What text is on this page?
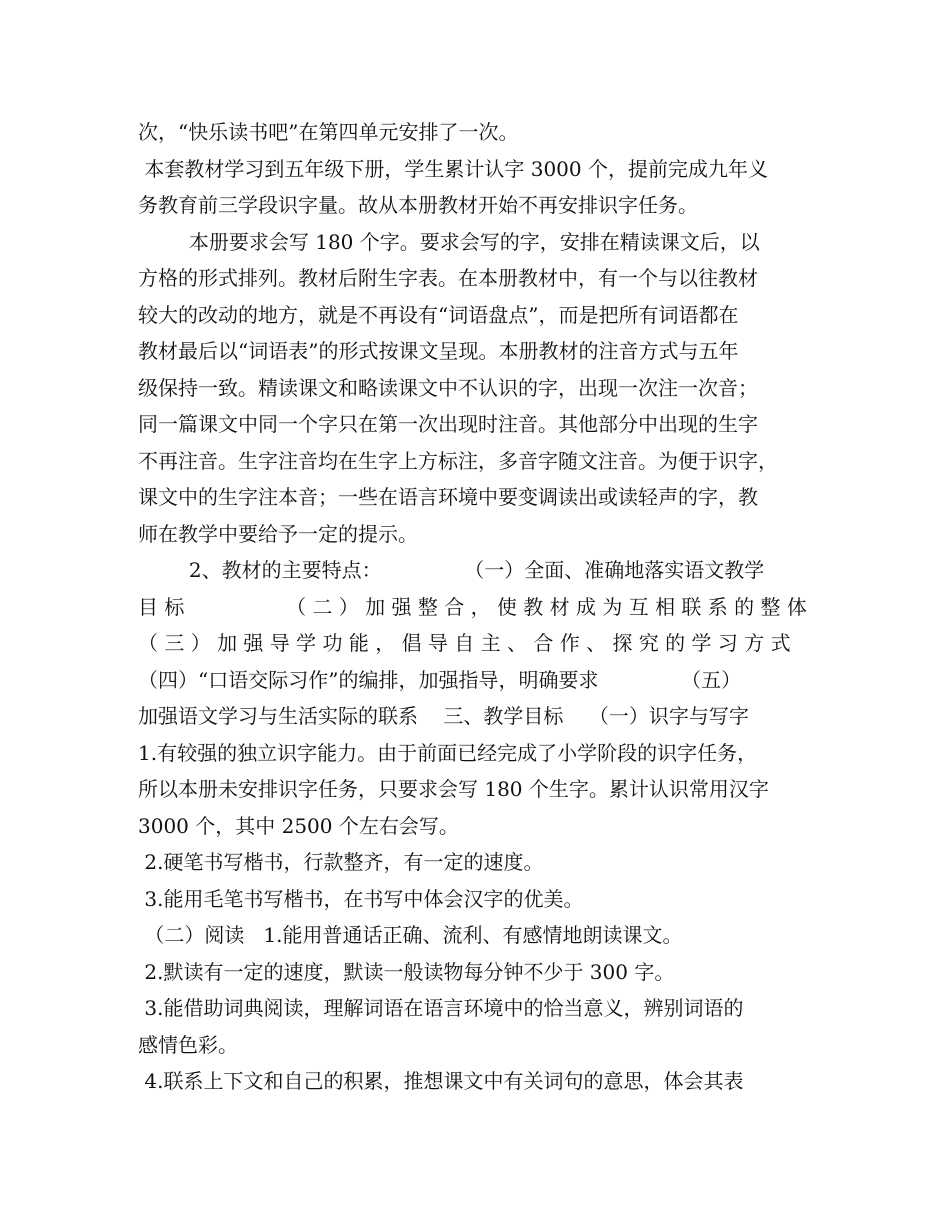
次，“快乐读书吧”在第四单元安排了一次。
本套教材学习到五年级下册，学生累计认字 3000 个，提前完成九年义
务教育前三学段识字量。故从本册教材开始不再安排识字任务。
本册要求会写 180 个字。要求会写的字，安排在精读课文后，以
方格的形式排列。教材后附生字表。在本册教材中，有一个与以往教材
较大的改动的地方，就是不再设有“词语盘点”，而是把所有词语都在
教材最后以“词语表”的形式按课文呈现。本册教材的注音方式与五年
级保持一致。精读课文和略读课文中不认识的字，出现一次注一次音；
同一篇课文中同一个字只在第一次出现时注音。其他部分中出现的生字
不再注音。生字注音均在生字上方标注，多音字随文注音。为便于识字，
课文中的生字注本音；一些在语言环境中要变调读出或读轻声的字，教
师在教学中要给予一定的提示。
2、教材的主要特点：             （一）全面、准确地落实语文教学
目 标                （ 二 ） 加 强 整 合 ， 使 教 材 成 为 互 相 联 系 的 整 体
（ 三 ） 加 强 导 学 功 能 ， 倡 导 自 主 、 合 作 、 探 究 的 学 习 方 式
（四）“口语交际习作”的编排，加强指导，明确要求             （五）
加强语文学习与生活实际的联系    三、教学目标    （一）识字与写字
1.有较强的独立识字能力。由于前面已经完成了小学阶段的识字任务，
所以本册未安排识字任务，只要求会写 180 个生字。累计认识常用汉字
3000 个，其中 2500 个左右会写。
2.硬笔书写楷书，行款整齐，有一定的速度。
3.能用毛笔书写楷书，在书写中体会汉字的优美。
（二）阅读   1.能用普通话正确、流利、有感情地朗读课文。
2.默读有一定的速度，默读一般读物每分钟不少于 300 字。
3.能借助词典阅读，理解词语在语言环境中的恰当意义，辨别词语的
感情色彩。
4.联系上下文和自己的积累，推想课文中有关词句的意思，体会其表
